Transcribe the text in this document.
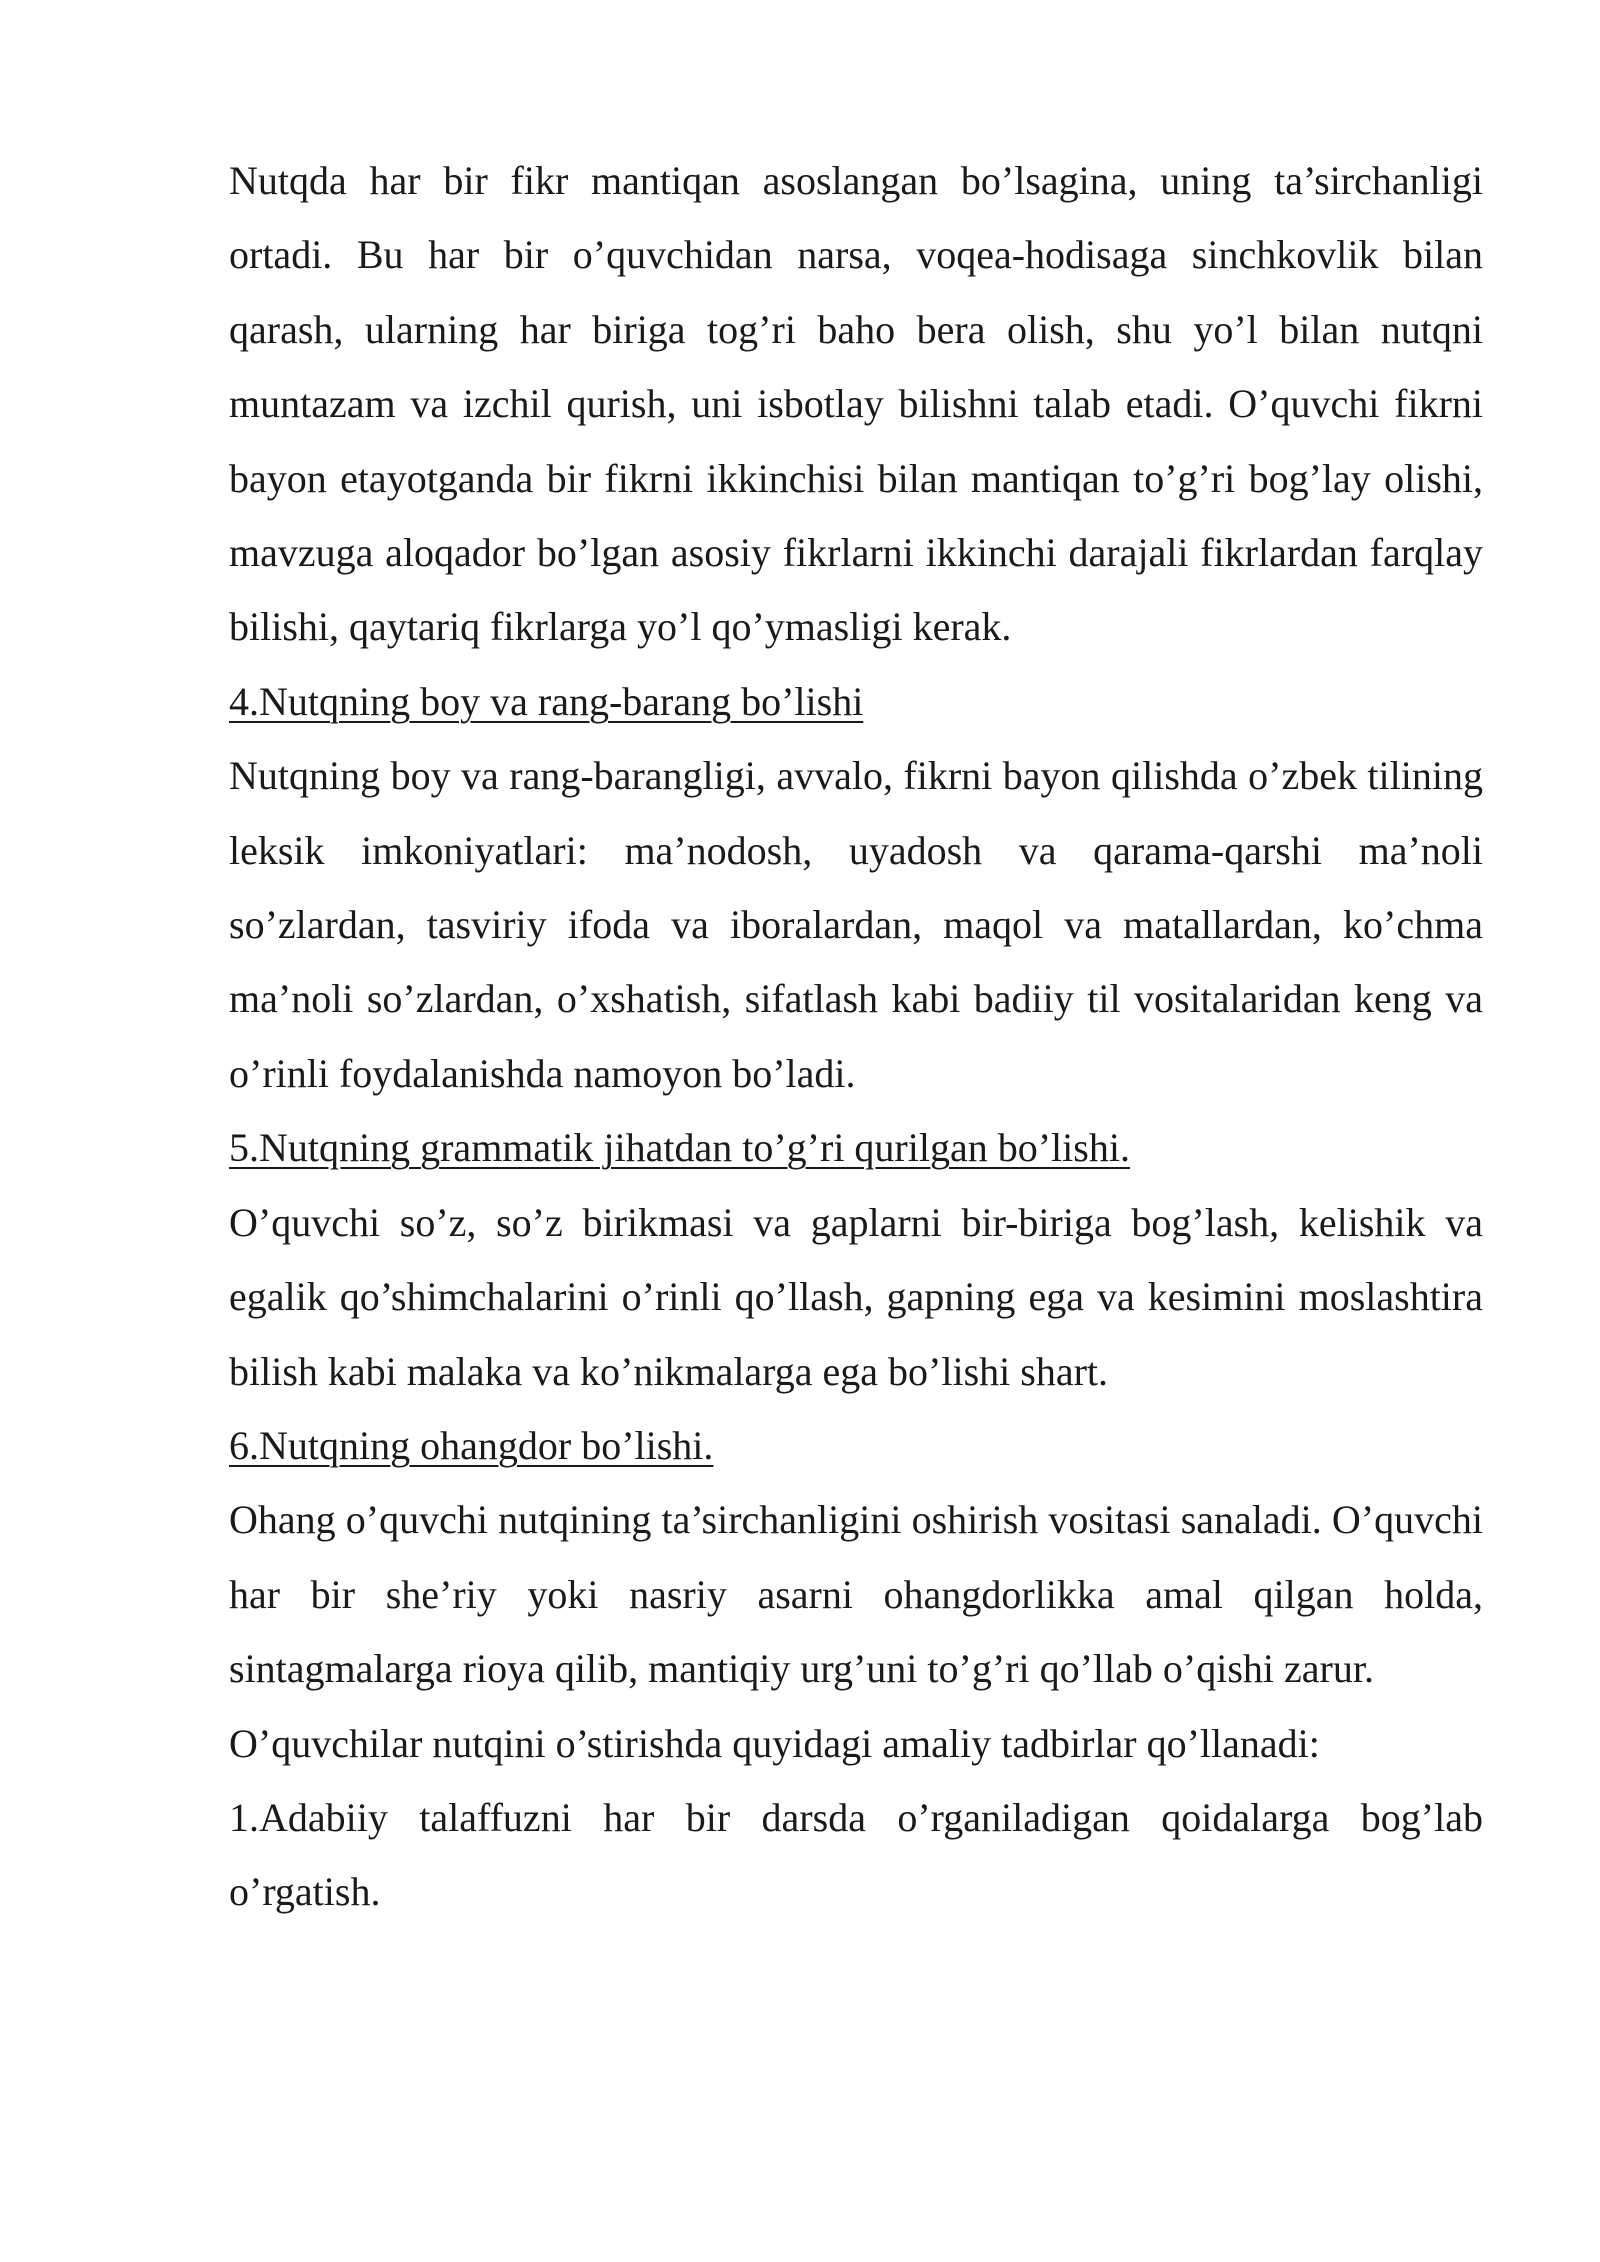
Nutqda har bir fikr mantiqan asoslangan bo’lsagina, uning ta’sirchanligi ortadi. Bu har bir o’quvchidan narsa, voqea-hodisaga sinchkovlik bilan qarash, ularning har biriga tog’ri baho bera olish, shu yo’l bilan nutqni muntazam va izchil qurish, uni isbotlay bilishni talab etadi. O’quvchi fikrni bayon etayotganda bir fikrni ikkinchisi bilan mantiqan to’g’ri bog’lay olishi, mavzuga aloqador bo’lgan asosiy fikrlarni ikkinchi darajali fikrlardan farqlay bilishi, qaytariq fikrlarga yo’l qo’ymasligi kerak.

4.Nutqning boy va rang-barang bo’lishi

Nutqning boy va rang-barangligi, avvalo, fikrni bayon qilishda o’zbek tilining leksik imkoniyatlari: ma’nodosh, uyadosh va qarama-qarshi ma’noli so’zlardan, tasviriy ifoda va iboralardan, maqol va matallardan, ko’chma ma’noli so’zlardan, o’xshatish, sifatlash kabi badiiy til vositalaridan keng va o’rinli foydalanishda namoyon bo’ladi.

5.Nutqning grammatik jihatdan to’g’ri qurilgan bo’lishi.

O’quvchi so’z, so’z birikmasi va gaplarni bir-biriga bog’lash, kelishik va egalik qo’shimchalarini o’rinli qo’llash, gapning ega va kesimini moslashtira bilish kabi malaka va ko’nikmalarga ega bo’lishi shart.

6.Nutqning ohangdor bo’lishi.

Ohang o’quvchi nutqining ta’sirchanligini oshirish vositasi sanaladi. O’quvchi har bir she’riy yoki nasriy asarni ohangdorlikka amal qilgan holda, sintagmalarga rioya qilib, mantiqiy urg’uni to’g’ri qo’llab o’qishi zarur.

O’quvchilar nutqini o’stirishda quyidagi amaliy tadbirlar qo’llanadi:

1.Adabiiy talaffuzni har bir darsda o’rganiladigan qoidalarga bog’lab o’rgatish.
